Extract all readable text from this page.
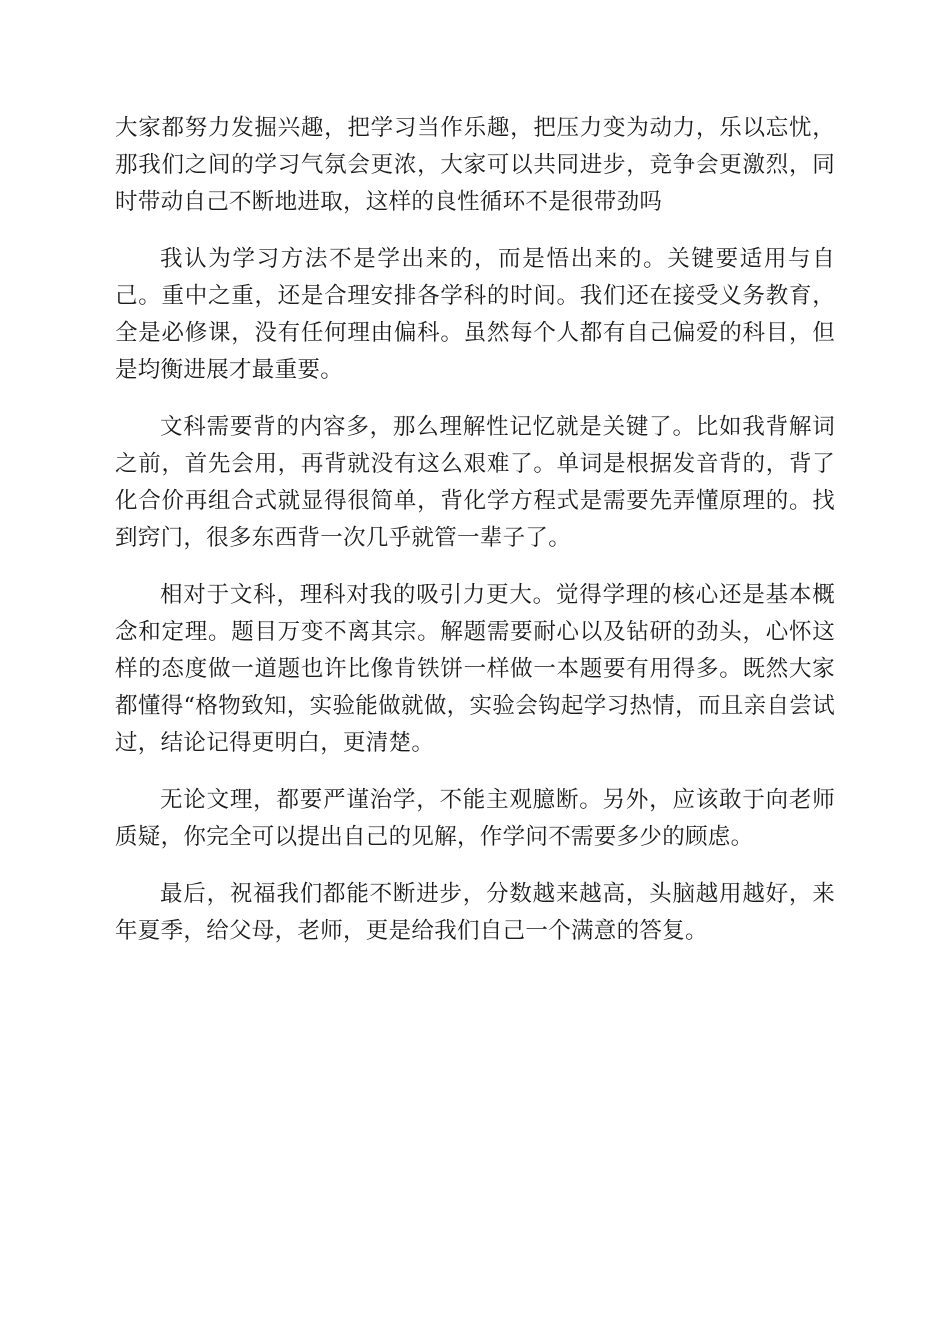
大家都努力发掘兴趣，把学习当作乐趣，把压力变为动力，乐以忘忧，那我们之间的学习气氛会更浓，大家可以共同进步，竞争会更激烈，同时带动自己不断地进取，这样的良性循环不是很带劲吗

我认为学习方法不是学出来的，而是悟出来的。关键要适用与自己。重中之重，还是合理安排各学科的时间。我们还在接受义务教育，全是必修课，没有任何理由偏科。虽然每个人都有自己偏爱的科目，但是均衡进展才最重要。

文科需要背的内容多，那么理解性记忆就是关键了。比如我背解词之前，首先会用，再背就没有这么艰难了。单词是根据发音背的，背了化合价再组合式就显得很简单，背化学方程式是需要先弄懂原理的。找到窍门，很多东西背一次几乎就管一辈子了。

相对于文科，理科对我的吸引力更大。觉得学理的核心还是基本概念和定理。题目万变不离其宗。解题需要耐心以及钻研的劲头，心怀这样的态度做一道题也许比像肯铁饼一样做一本题要有用得多。既然大家都懂得“格物致知，实验能做就做，实验会钩起学习热情，而且亲自尝试过，结论记得更明白，更清楚。

无论文理，都要严谨治学，不能主观臆断。另外，应该敢于向老师质疑，你完全可以提出自己的见解，作学问不需要多少的顾虑。

最后，祝福我们都能不断进步，分数越来越高，头脑越用越好，来年夏季，给父母，老师，更是给我们自己一个满意的答复。
